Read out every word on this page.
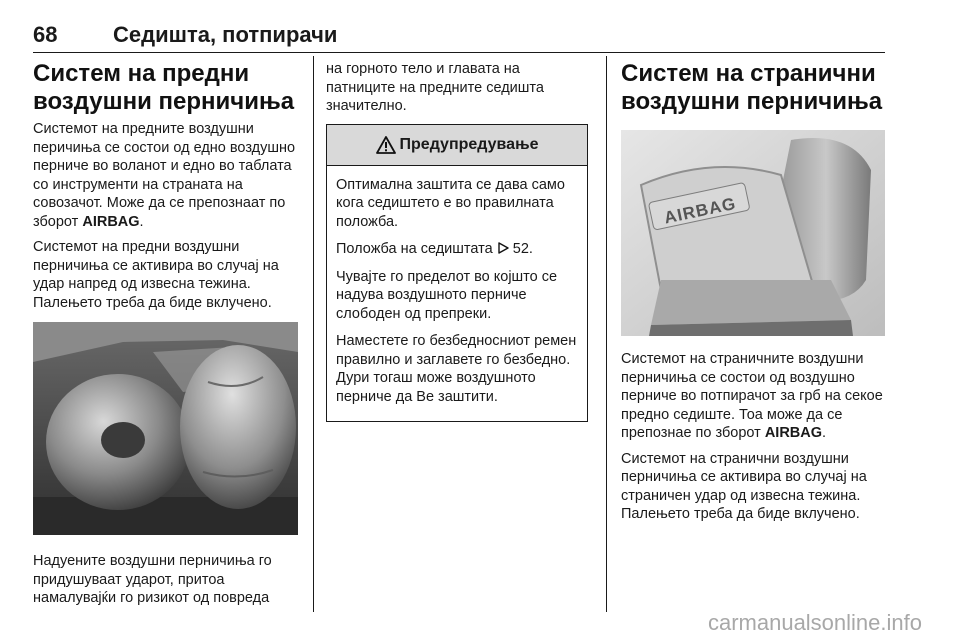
68	Седишта, потпирачи
Систем на предни воздушни перничиња

Системот на предните воздушни перичиња се состои од едно воздушно перниче во воланот и едно во таблата со инструменти на страната на совозачот. Може да се препознаат по зборот AIRBAG.

Системот на предни воздушни перничиња се активира во случај на удар напред од извесна тежина. Палењето треба да биде вклучено.

Надуените воздушни перничиња го придушуваат ударот, притоа намалувајќи го ризикот од повреда

на горното тело и главата на патниците на предните седишта значително.

Предупредување

Оптимална заштита се дава само кога седиштето е во правилната положба.

Положба на седиштата  52.

Чувајте го пределот во којшто се надува воздушното перниче слободен од препреки.

Наместете го безбедносниот ремен правилно и заглавете го безбедно. Дури тогаш може воздушното перниче да Ве заштити.

Систем на странични воздушни перничиња
AIRBAG

Системот на страничните воздушни перничиња се состои од воздушно перниче во потпирачот за грб на секое предно седиште. Тоа може да се препознае по зборот AIRBAG.

Системот на странични воздушни перничиња се активира во случај на страничен удар од извесна тежина. Палењето треба да биде вклучено.

carmanualsonline.info
